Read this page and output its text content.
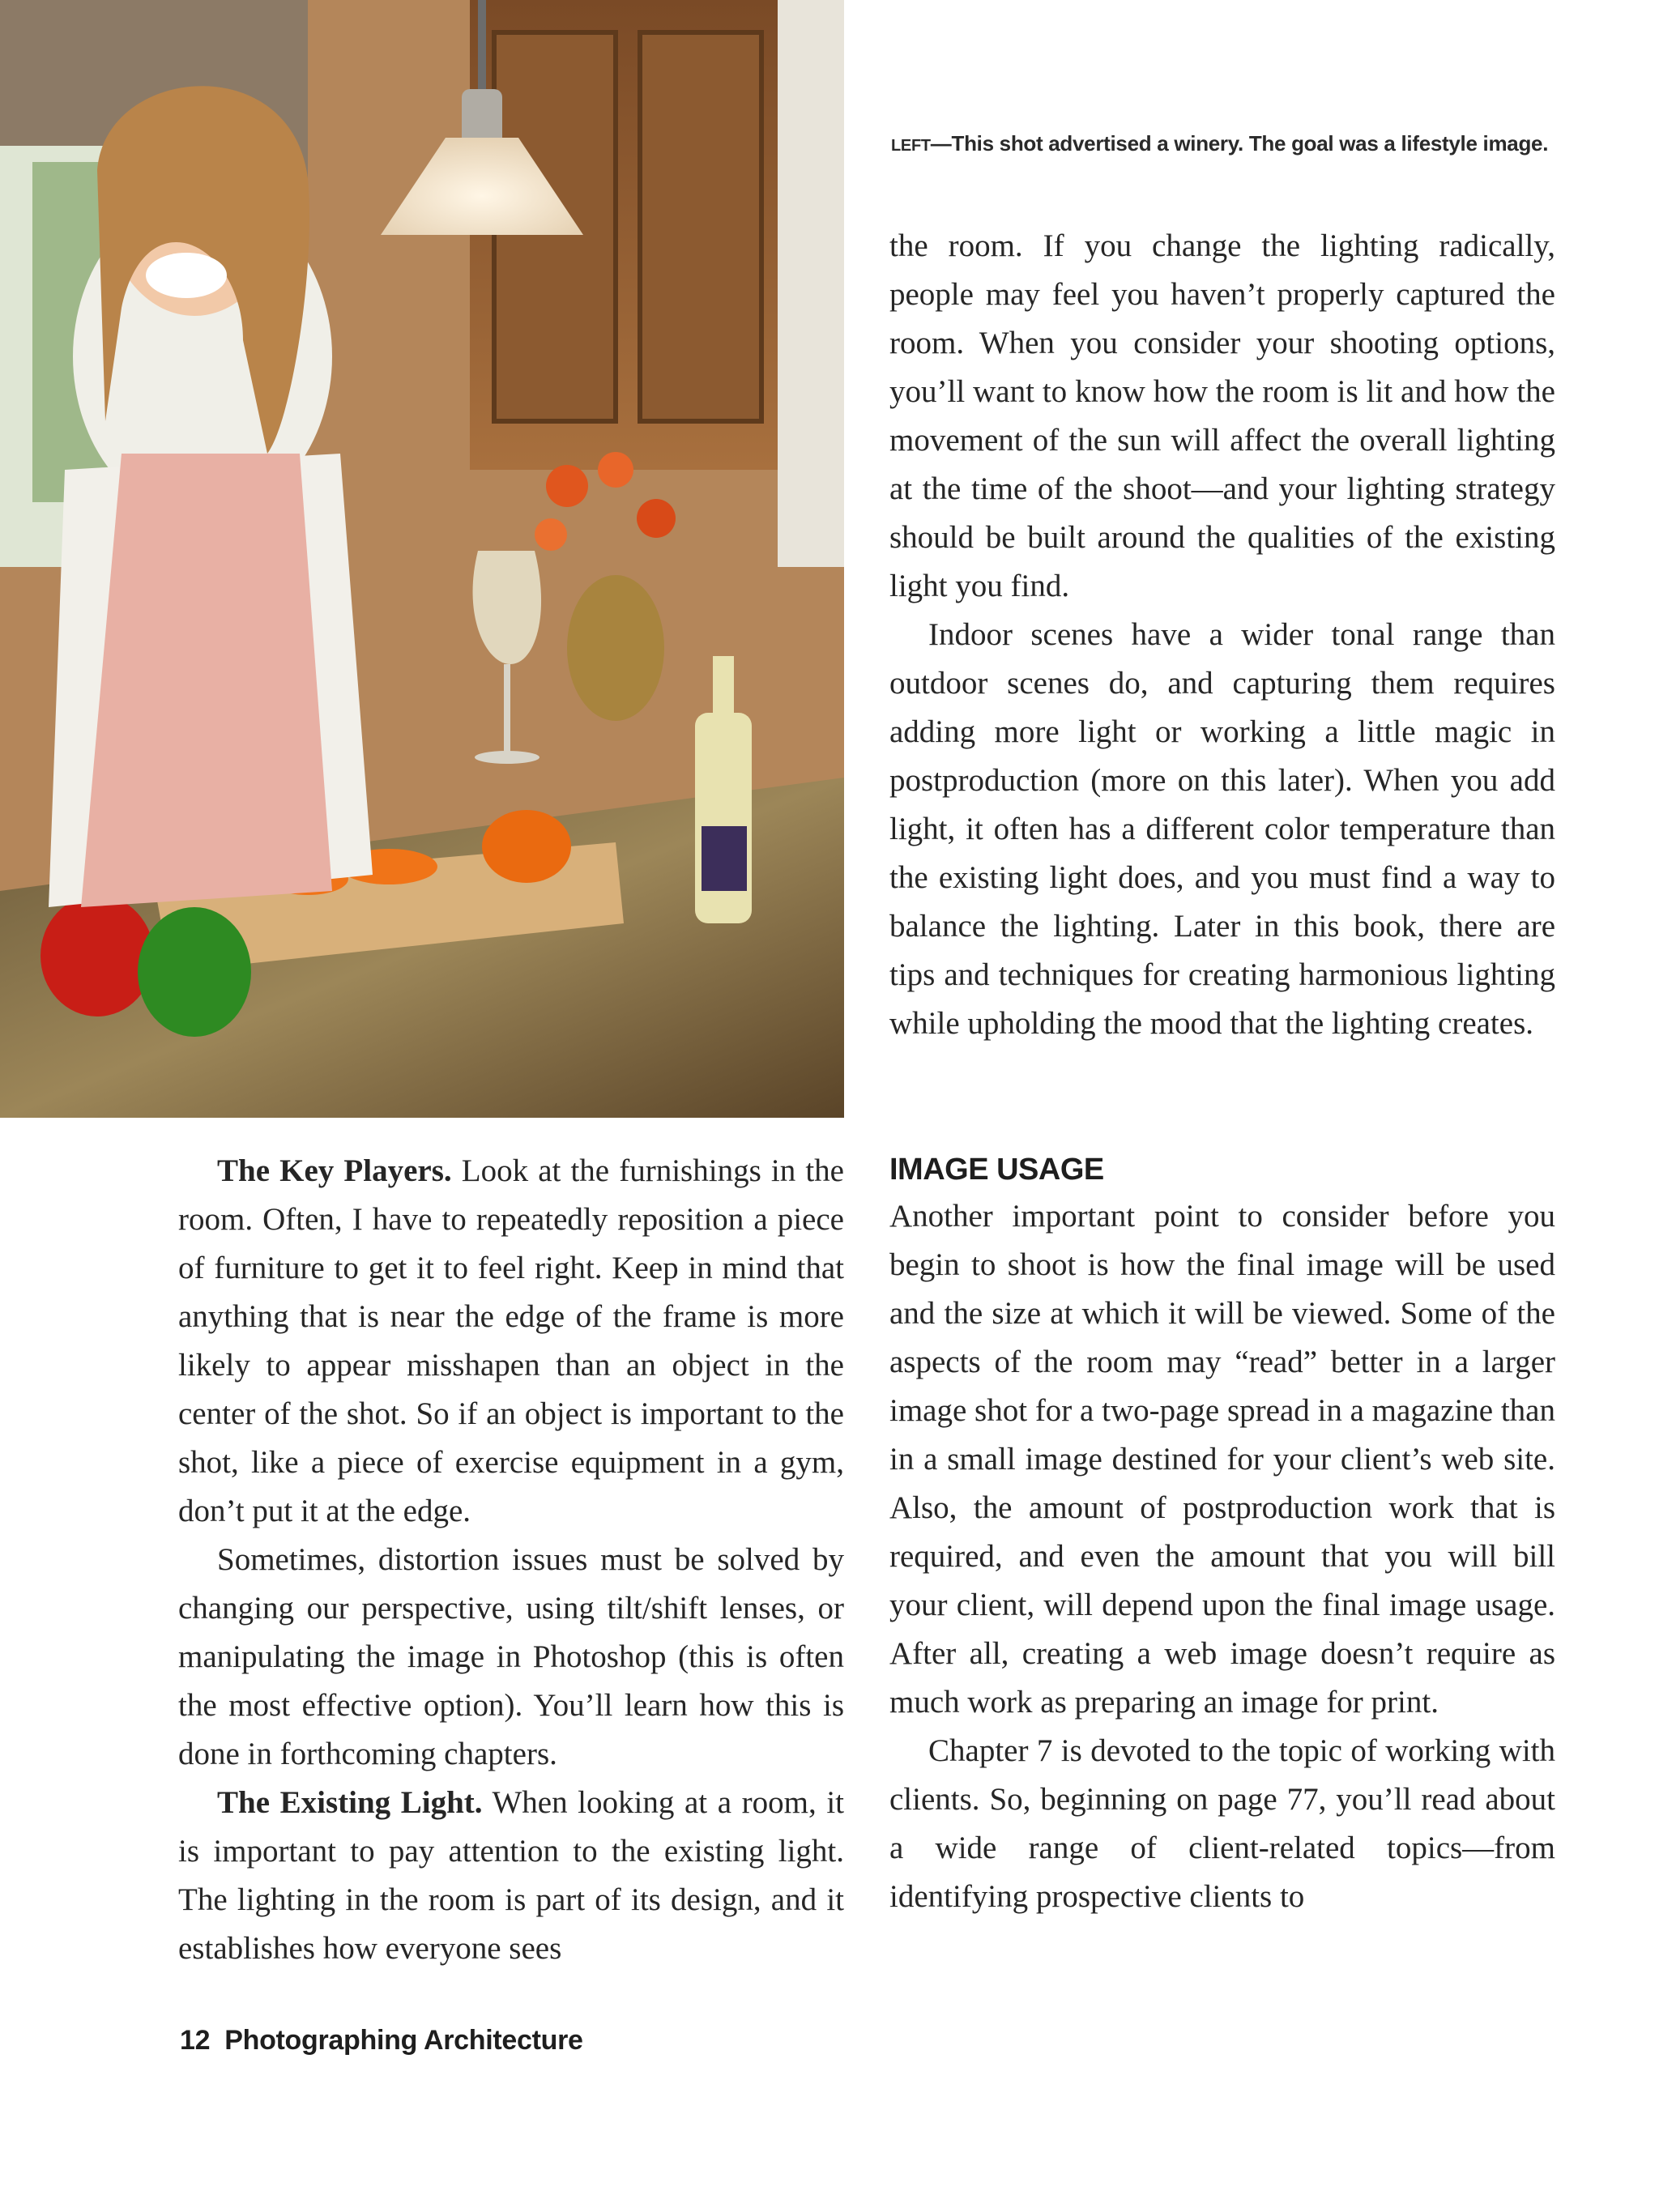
LEFT—This shot advertised a winery. The goal was a lifestyle image.

the room. If you change the lighting radically, people may feel you haven’t properly captured the room. When you consider your shooting options, you’ll want to know how the room is lit and how the movement of the sun will affect the overall lighting at the time of the shoot—and your lighting strategy should be built around the qualities of the existing light you find.

Indoor scenes have a wider tonal range than outdoor scenes do, and capturing them requires adding more light or working a little magic in postproduction (more on this later). When you add light, it often has a different color temperature than the existing light does, and you must find a way to balance the lighting. Later in this book, there are tips and techniques for creating harmonious lighting while upholding the mood that the lighting creates.

The Key Players. Look at the furnishings in the room. Often, I have to repeatedly reposition a piece of furniture to get it to feel right. Keep in mind that anything that is near the edge of the frame is more likely to appear misshapen than an object in the center of the shot. So if an object is important to the shot, like a piece of exercise equipment in a gym, don’t put it at the edge.

Sometimes, distortion issues must be solved by changing our perspective, using tilt/shift lenses, or manipulating the image in Photoshop (this is often the most effective option). You’ll learn how this is done in forthcoming chapters.

The Existing Light. When looking at a room, it is important to pay attention to the existing light. The lighting in the room is part of its design, and it establishes how everyone sees

IMAGE USAGE

Another important point to consider before you begin to shoot is how the final image will be used and the size at which it will be viewed. Some of the aspects of the room may “read” better in a larger image shot for a two-page spread in a magazine than in a small image destined for your client’s web site. Also, the amount of postproduction work that is required, and even the amount that you will bill your client, will depend upon the final image usage. After all, creating a web image doesn’t require as much work as preparing an image for print.

Chapter 7 is devoted to the topic of working with clients. So, beginning on page 77, you’ll read about a wide range of client-related topics—from identifying prospective clients to

12 Photographing Architecture
